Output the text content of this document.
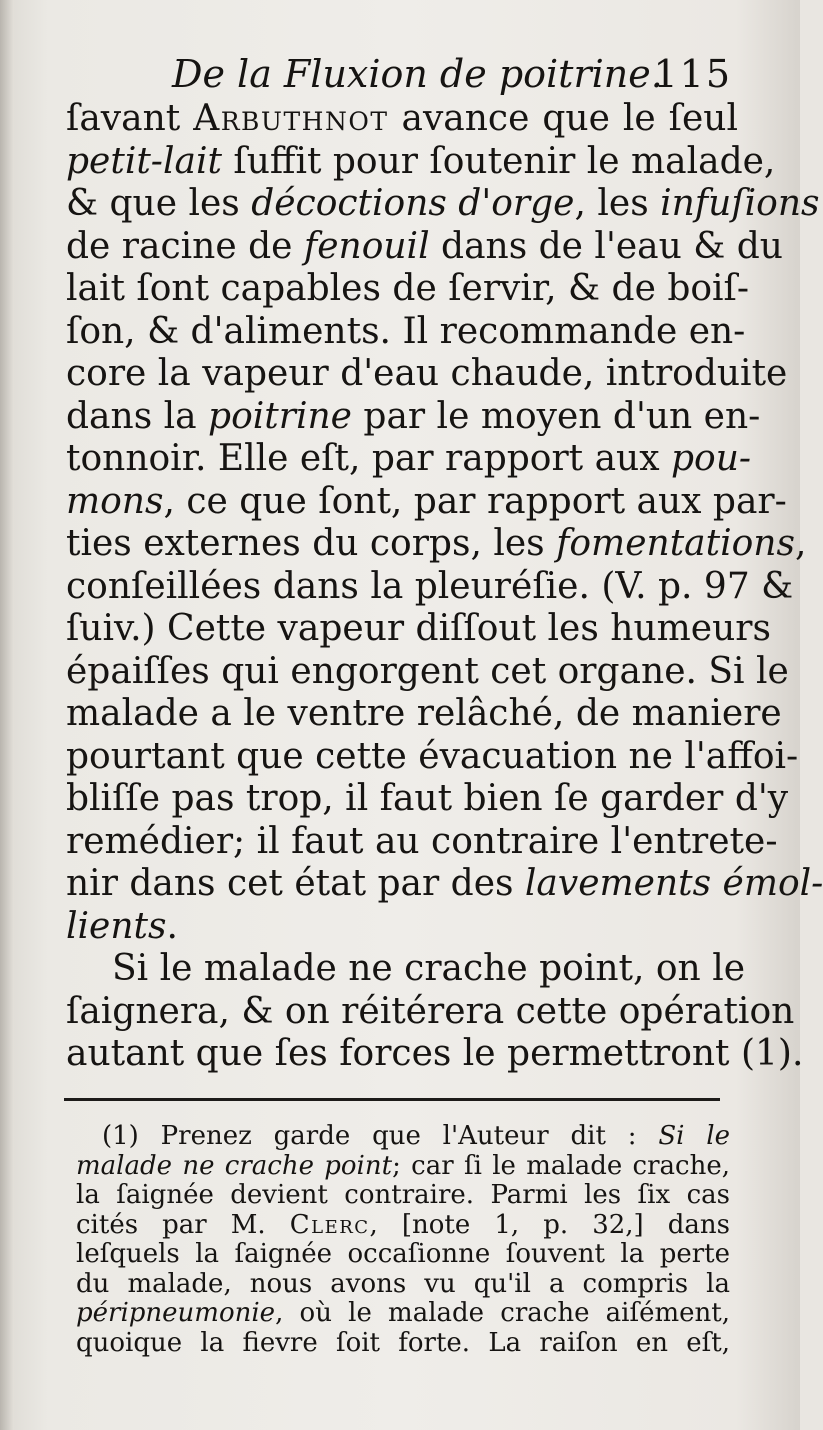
De la Fluxion de poitrine.
115
ſavant Arbuthnot avance que le ſeul
petit-lait ſuffit pour ſoutenir le malade,
& que les décoctions d'orge, les infuſions
de racine de fenouil dans de l'eau & du
lait ſont capables de ſervir, & de boiſ-
ſon, & d'aliments. Il recommande en-
core la vapeur d'eau chaude, introduite
dans la poitrine par le moyen d'un en-
tonnoir. Elle eſt, par rapport aux pou-
mons, ce que ſont, par rapport aux par-
ties externes du corps, les fomentations,
conſeillées dans la pleuréſie. (V. p. 97 &
ſuiv.) Cette vapeur diſſout les humeurs
épaiſſes qui engorgent cet organe. Si le
malade a le ventre relâché, de maniere
pourtant que cette évacuation ne l'affoi-
bliſſe pas trop, il faut bien ſe garder d'y
remédier; il faut au contraire l'entrete-
nir dans cet état par des lavements émol-
lients.
Si le malade ne crache point, on le
ſaignera, & on réitérera cette opération
autant que ſes forces le permettront (1).
(1) Prenez garde que l'Auteur dit : Si le
malade ne crache point; car ſi le malade crache,
la ſaignée devient contraire. Parmi les ſix cas
cités par M. Clerc, [note 1, p. 32,] dans
leſquels la ſaignée occaſionne ſouvent la perte
du malade, nous avons vu qu'il a compris la
péripneumonie, où le malade crache aiſément,
quoique la fievre ſoit forte. La raiſon en eſt,
